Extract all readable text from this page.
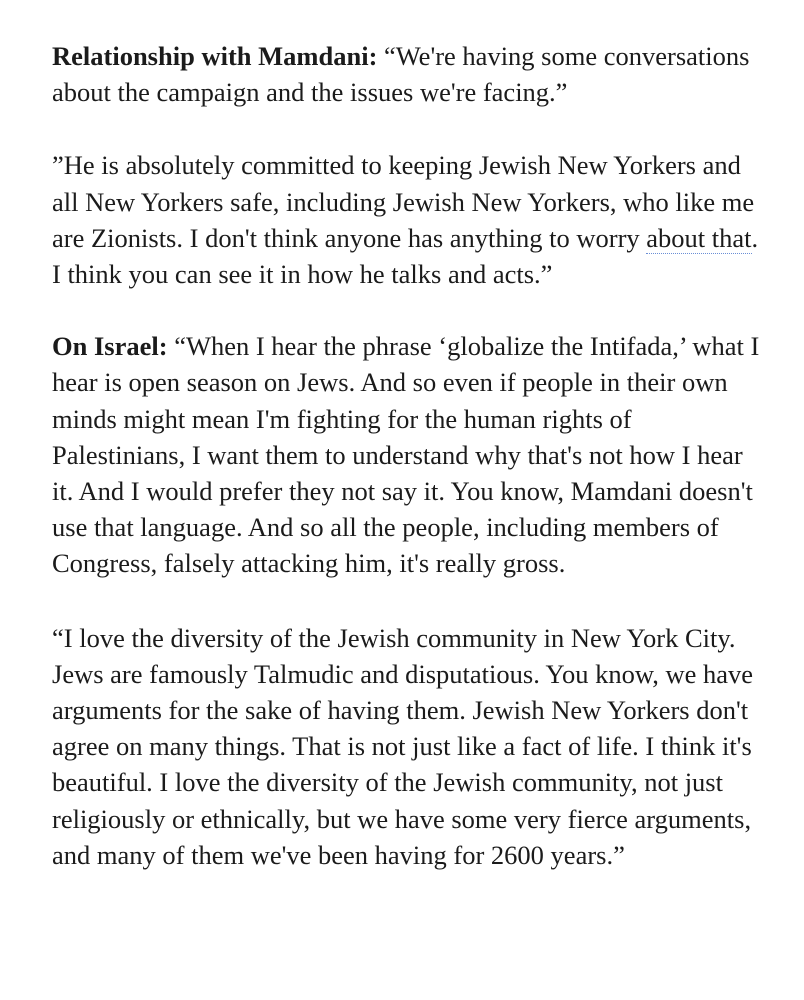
Relationship with Mamdani: “We're having some conversations about the campaign and the issues we're facing.”

”He is absolutely committed to keeping Jewish New Yorkers and all New Yorkers safe, including Jewish New Yorkers, who like me are Zionists. I don't think anyone has anything to worry about that. I think you can see it in how he talks and acts.”

On Israel: “When I hear the phrase ‘globalize the Intifada,’ what I hear is open season on Jews. And so even if people in their own minds might mean I'm fighting for the human rights of Palestinians, I want them to understand why that's not how I hear it. And I would prefer they not say it. You know, Mamdani doesn't use that language. And so all the people, including members of Congress, falsely attacking him, it's really gross.

“I love the diversity of the Jewish community in New York City. Jews are famously Talmudic and disputatious. You know, we have arguments for the sake of having them. Jewish New Yorkers don't agree on many things. That is not just like a fact of life. I think it's beautiful. I love the diversity of the Jewish community, not just religiously or ethnically, but we have some very fierce arguments, and many of them we've been having for 2600 years.”
